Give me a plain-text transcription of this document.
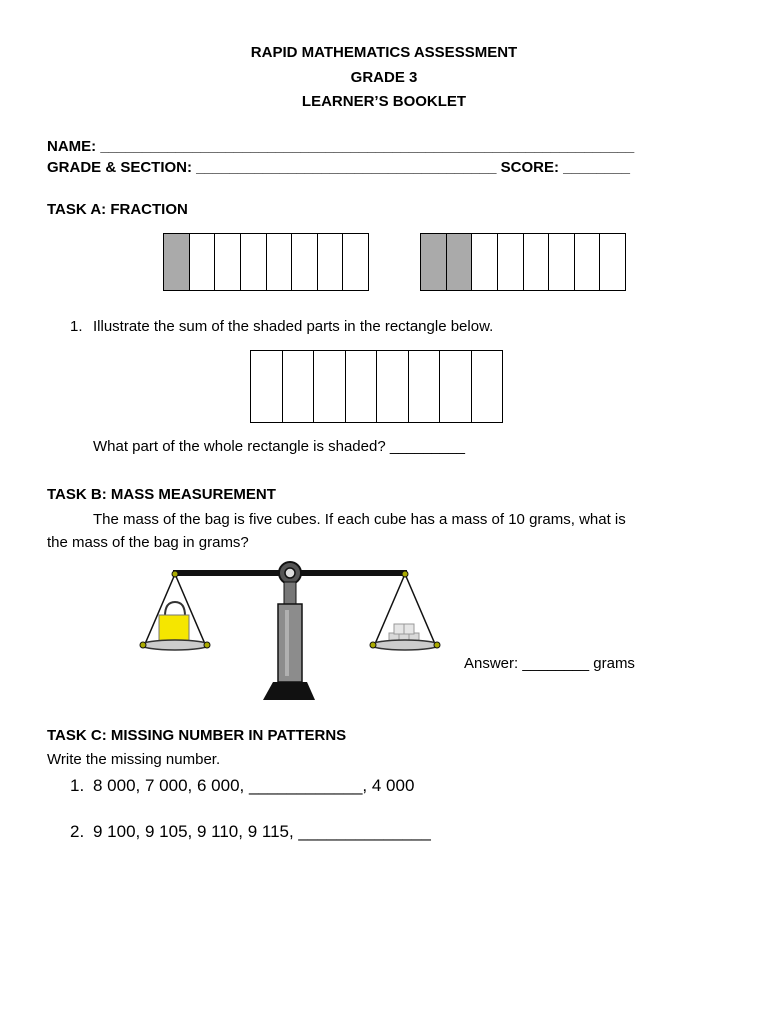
RAPID MATHEMATICS ASSESSMENT
GRADE 3
LEARNER’S BOOKLET
NAME: ________________________________________________________________
GRADE & SECTION: ____________________________________ SCORE: ________
TASK A: FRACTION
1. Illustrate the sum of the shaded parts in the rectangle below.
What part of the whole rectangle is shaded? _________
TASK B: MASS MEASUREMENT
The mass of the bag is five cubes. If each cube has a mass of 10 grams, what is
the mass of the bag in grams?
Answer: ________ grams
TASK C: MISSING NUMBER IN PATTERNS
Write the missing number.
1. 8 000, 7 000, 6 000, ____________, 4 000
2. 9 100, 9 105, 9 110, 9 115, ______________
